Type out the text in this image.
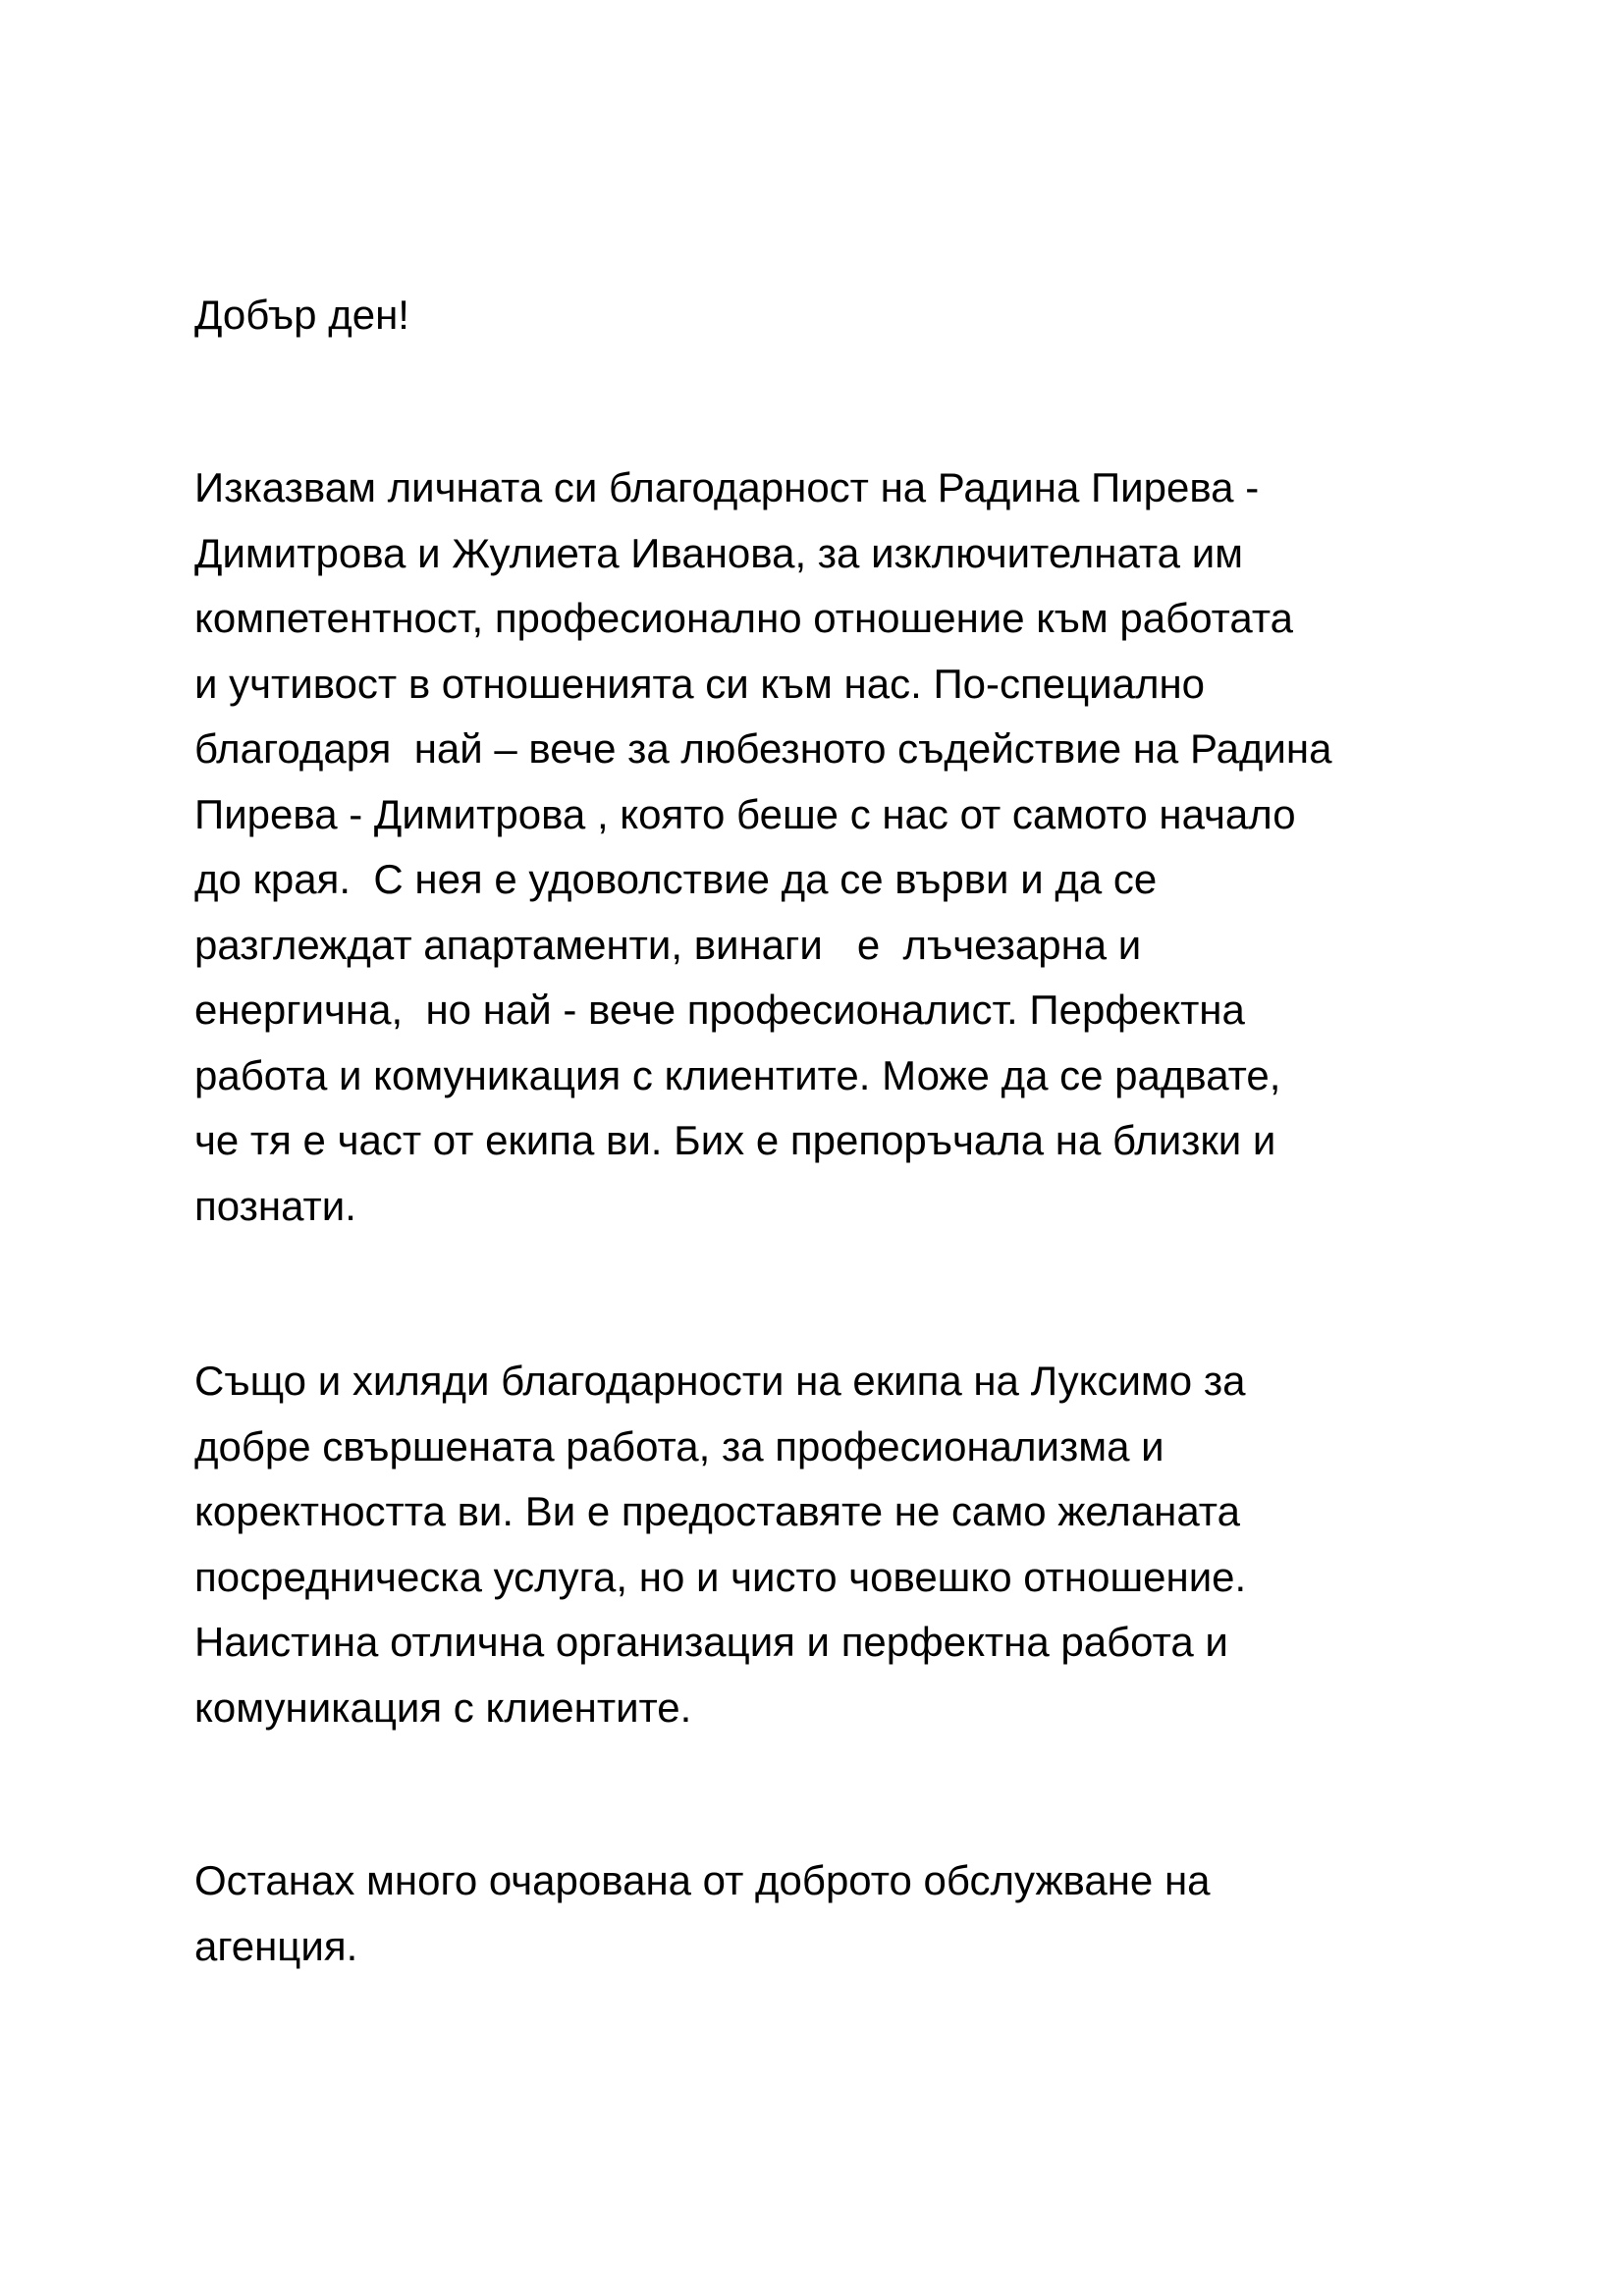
Добър ден!

Изказвам личната си благодарност на Радина Пирева -
Димитрова и Жулиета Иванова, за изключителната им
компетентност, професионално отношение към работата
и учтивост в отношенията си към нас. По-специално
благодаря  най – вече за любезното съдействие на Радина
Пирева - Димитрова , която беше с нас от самото начало
до края.  С нея е удоволствие да се върви и да се
разглеждат апартаменти, винаги   е  лъчезарна и
енергична,  но най - вече професионалист. Перфектна
работа и комуникация с клиентите. Може да се радвате,
че тя е част от екипа ви. Бих е препоръчала на близки и
познати.

Също и хиляди благодарности на екипа на Луксимо за
добре свършената работа, за професионализма и
коректността ви. Ви е предоставяте не само желаната
посредническа услуга, но и чисто човешко отношение.
Наистина отлична организация и перфектна работа и
комуникация с клиентите.

Останах много очарована от доброто обслужване на
агенция.
